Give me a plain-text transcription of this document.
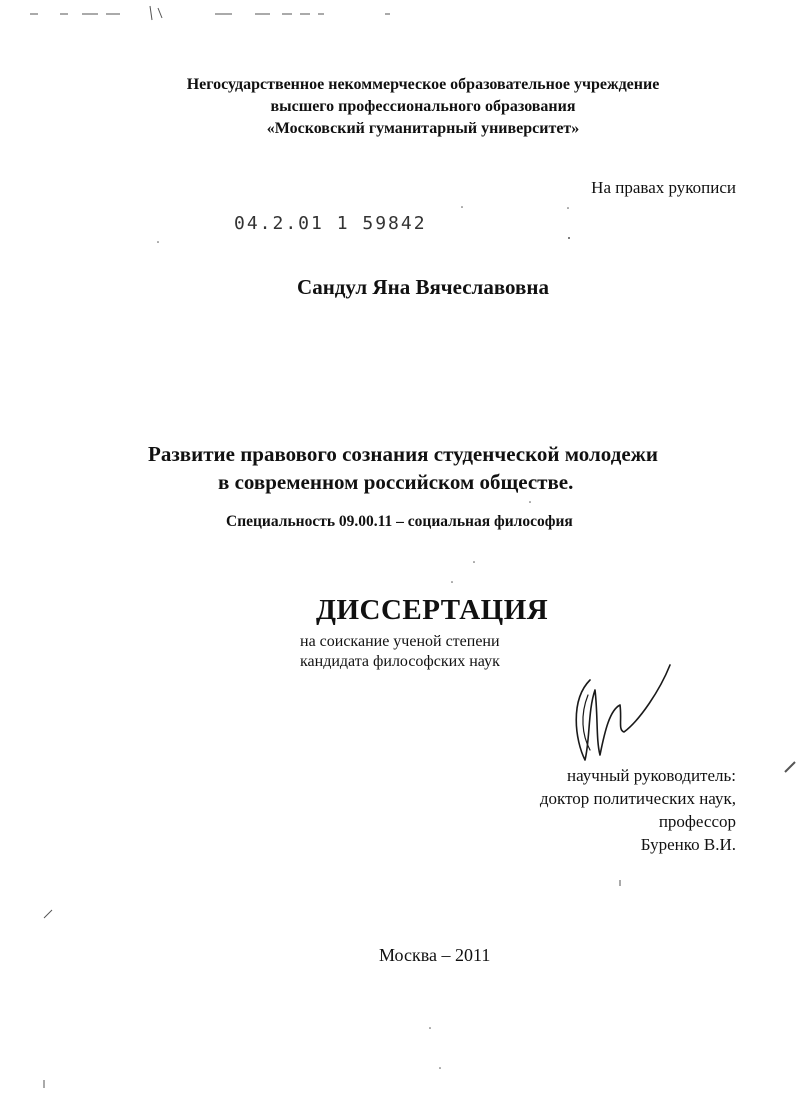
Негосударственное некоммерческое образовательное учреждение
высшего профессионального образования
«Московский гуманитарный университет»
На правах рукописи
04.2.01 1 59842
Сандул Яна Вячеславовна
Развитие правового сознания студенческой молодежи
в современном российском обществе.
Специальность 09.00.11 – социальная философия
ДИССЕРТАЦИЯ
на соискание ученой степени
кандидата философских наук
научный руководитель:
доктор политических наук,
профессор
Буренко В.И.
Москва – 2011
